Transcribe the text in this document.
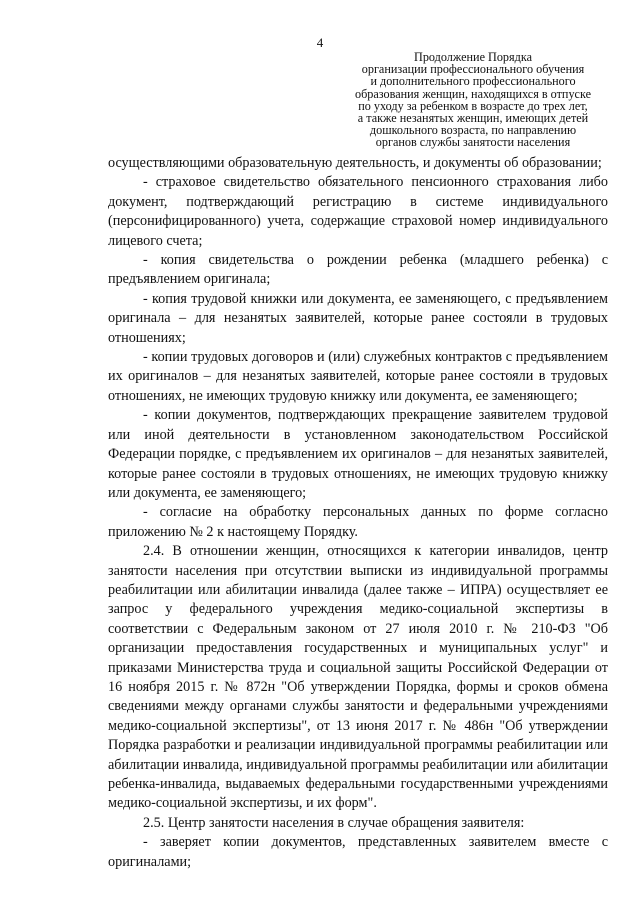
4
Продолжение Порядка
организации профессионального обучения
и дополнительного профессионального
образования женщин, находящихся в отпуске
по уходу за ребенком в возрасте до трех лет,
а также незанятых женщин, имеющих детей
дошкольного возраста, по направлению
органов службы занятости населения

осуществляющими образовательную деятельность, и документы об образовании;

- страховое свидетельство обязательного пенсионного страхования либо документ, подтверждающий регистрацию в системе индивидуального (персонифицированного) учета, содержащие страховой номер индивидуального лицевого счета;

- копия свидетельства о рождении ребенка (младшего ребенка) с предъявлением оригинала;

- копия трудовой книжки или документа, ее заменяющего, с предъявлением оригинала – для незанятых заявителей, которые ранее состояли в трудовых отношениях;

- копии трудовых договоров и (или) служебных контрактов с предъявлением их оригиналов – для незанятых заявителей, которые ранее состояли в трудовых отношениях, не имеющих трудовую книжку или документа, ее заменяющего;

- копии документов, подтверждающих прекращение заявителем трудовой или иной деятельности в установленном законодательством Российской Федерации порядке, с предъявлением их оригиналов – для незанятых заявителей, которые ранее состояли в трудовых отношениях, не имеющих трудовую книжку или документа, ее заменяющего;

- согласие на обработку персональных данных по форме согласно приложению № 2 к настоящему Порядку.

2.4. В отношении женщин, относящихся к категории инвалидов, центр занятости населения при отсутствии выписки из индивидуальной программы реабилитации или абилитации инвалида (далее также – ИПРА) осуществляет ее запрос у федерального учреждения медико-социальной экспертизы в соответствии с Федеральным законом от 27 июля 2010 г. № 210-ФЗ "Об организации предоставления государственных и муниципальных услуг" и приказами Министерства труда и социальной защиты Российской Федерации от 16 ноября 2015 г. № 872н "Об утверждении Порядка, формы и сроков обмена сведениями между органами службы занятости и федеральными учреждениями медико-социальной экспертизы", от 13 июня 2017 г. № 486н "Об утверждении Порядка разработки и реализации индивидуальной программы реабилитации или абилитации инвалида, индивидуальной программы реабилитации или абилитации ребенка-инвалида, выдаваемых федеральными государственными учреждениями медико-социальной экспертизы, и их форм".

2.5. Центр занятости населения в случае обращения заявителя:

- заверяет копии документов, представленных заявителем вместе с оригиналами;
